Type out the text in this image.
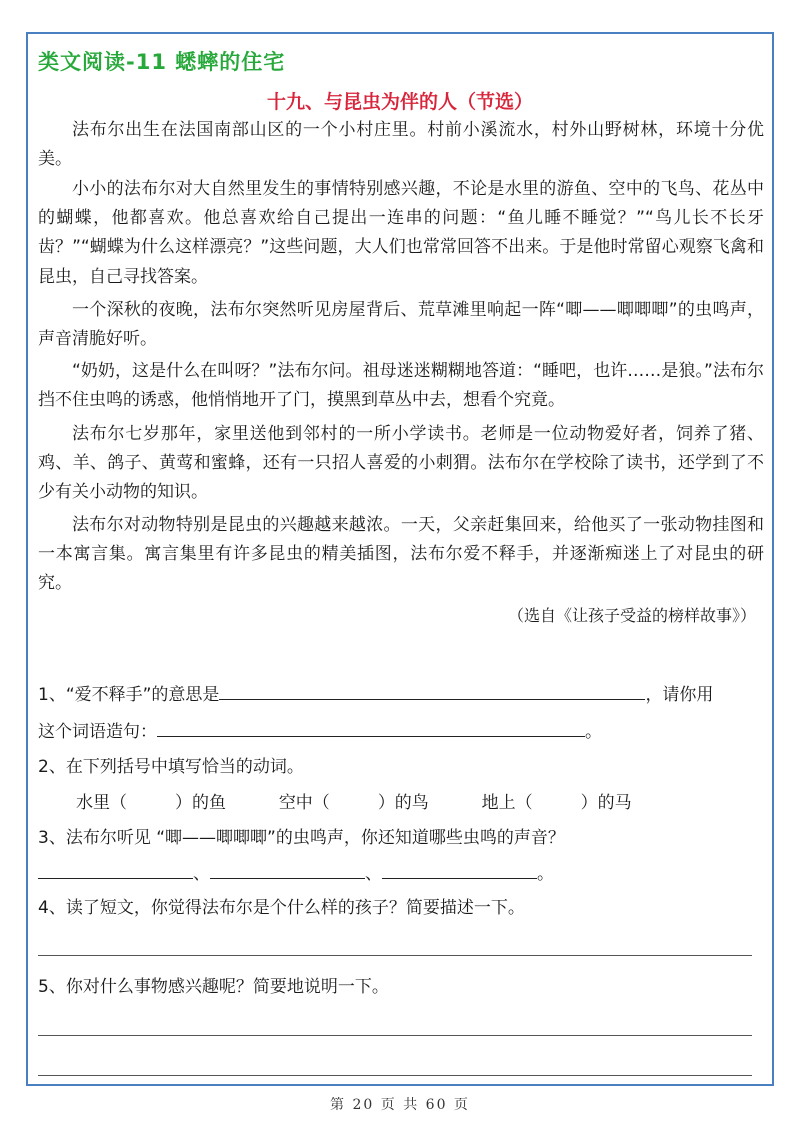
类文阅读-11 蟋蟀的住宅
十九、与昆虫为伴的人（节选）

法布尔出生在法国南部山区的一个小村庄里。村前小溪流水，村外山野树林，环境十分优美。

小小的法布尔对大自然里发生的事情特别感兴趣，不论是水里的游鱼、空中的飞鸟、花丛中的蝴蝶，他都喜欢。他总喜欢给自己提出一连串的问题：“鱼儿睡不睡觉？”“鸟儿长不长牙齿？”“蝴蝶为什么这样漂亮？”这些问题，大人们也常常回答不出来。于是他时常留心观察飞禽和昆虫，自己寻找答案。

一个深秋的夜晚，法布尔突然听见房屋背后、荒草滩里响起一阵“唧——唧唧唧”的虫鸣声，声音清脆好听。

“奶奶，这是什么在叫呀？”法布尔问。祖母迷迷糊糊地答道：“睡吧，也许……是狼。”法布尔挡不住虫鸣的诱惑，他悄悄地开了门，摸黑到草丛中去，想看个究竟。

法布尔七岁那年，家里送他到邻村的一所小学读书。老师是一位动物爱好者，饲养了猪、鸡、羊、鸽子、黄莺和蜜蜂，还有一只招人喜爱的小刺猬。法布尔在学校除了读书，还学到了不少有关小动物的知识。

法布尔对动物特别是昆虫的兴趣越来越浓。一天，父亲赶集回来，给他买了一张动物挂图和一本寓言集。寓言集里有许多昆虫的精美插图，法布尔爱不释手，并逐渐痴迷上了对昆虫的研究。

（选自《让孩子受益的榜样故事》）

1、“爱不释手”的意思是	，请你用
这个词语造句：	。
2、在下列括号中填写恰当的动词。
水里（	）的鱼	空中（	）的鸟	地上（	）的马
3、法布尔听见 “唧——唧唧唧”的虫鸣声，你还知道哪些虫鸣的声音？
、	、	。
4、读了短文，你觉得法布尔是个什么样的孩子？简要描述一下。
5、你对什么事物感兴趣呢？简要地说明一下。
第 20 页 共 60 页
